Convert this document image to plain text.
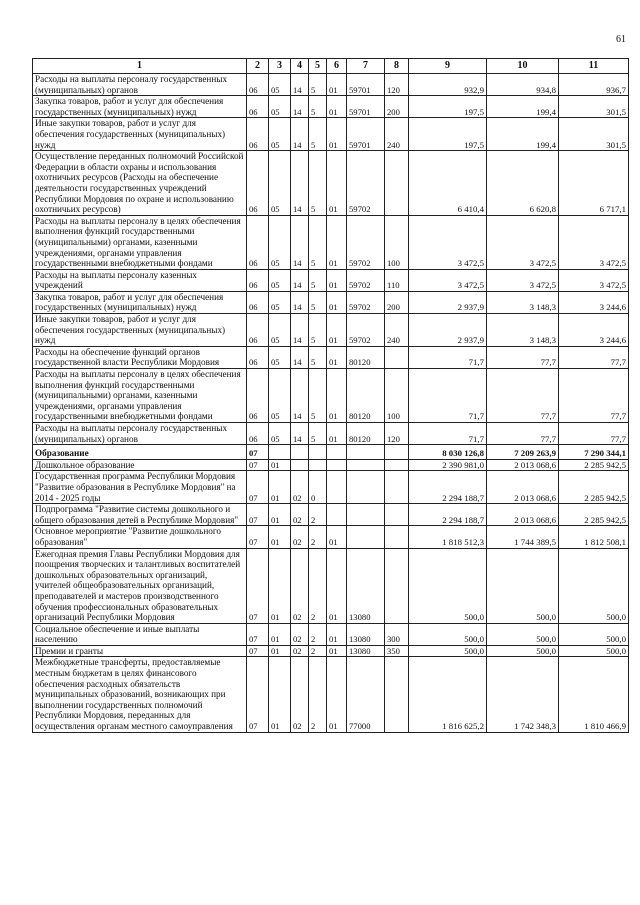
61
1	2	3	4	5	6	7	8	9	10	11
Расходы на выплаты персоналу государственных (муниципальных) органов	06	05	14	5	01	59701	120	932,9	934,8	936,7
Закупка товаров, работ и услуг для обеспечения государственных (муниципальных) нужд	06	05	14	5	01	59701	200	197,5	199,4	301,5
Иные закупки товаров, работ и услуг для обеспечения государственных (муниципальных) нужд	06	05	14	5	01	59701	240	197,5	199,4	301,5
Осуществление переданных полномочий Российской Федерации в области охраны и использования охотничьих ресурсов (Расходы на обеспечение деятельности государственных учреждений Республики Мордовия по охране и использованию охотничьих ресурсов)	06	05	14	5	01	59702		6 410,4	6 620,8	6 717,1
Расходы на выплаты персоналу в целях обеспечения выполнения функций государственными (муниципальными) органами, казенными учреждениями, органами управления государственными внебюджетными фондами	06	05	14	5	01	59702	100	3 472,5	3 472,5	3 472,5
Расходы на выплаты персоналу казенных учреждений	06	05	14	5	01	59702	110	3 472,5	3 472,5	3 472,5
Закупка товаров, работ и услуг для обеспечения государственных (муниципальных) нужд	06	05	14	5	01	59702	200	2 937,9	3 148,3	3 244,6
Иные закупки товаров, работ и услуг для обеспечения государственных (муниципальных) нужд	06	05	14	5	01	59702	240	2 937,9	3 148,3	3 244,6
Расходы на обеспечение функций органов государственной власти Республики Мордовия	06	05	14	5	01	80120		71,7	77,7	77,7
Расходы на выплаты персоналу в целях обеспечения выполнения функций государственными (муниципальными) органами, казенными учреждениями, органами управления государственными внебюджетными фондами	06	05	14	5	01	80120	100	71,7	77,7	77,7
Расходы на выплаты персоналу государственных (муниципальных) органов	06	05	14	5	01	80120	120	71,7	77,7	77,7
Образование	07							8 030 126,8	7 209 263,9	7 290 344,1
Дошкольное образование	07	01						2 390 981,0	2 013 068,6	2 285 942,5
Государственная программа Республики Мордовия "Развитие образования в Республике Мордовия" на 2014 - 2025 годы	07	01	02	0				2 294 188,7	2 013 068,6	2 285 942,5
Подпрограмма "Развитие системы дошкольного и общего образования детей в Республике Мордовия"	07	01	02	2				2 294 188,7	2 013 068,6	2 285 942,5
Основное мероприятие "Развитие дошкольного образования"	07	01	02	2	01			1 818 512,3	1 744 389,5	1 812 508,1
Ежегодная премия Главы Республики Мордовия для поощрения творческих и талантливых воспитателей дошкольных образовательных организаций, учителей общеобразовательных организаций, преподавателей и мастеров производственного обучения профессиональных образовательных организаций Республики Мордовия	07	01	02	2	01	13080		500,0	500,0	500,0
Социальное обеспечение и иные выплаты населению	07	01	02	2	01	13080	300	500,0	500,0	500,0
Премии и гранты	07	01	02	2	01	13080	350	500,0	500,0	500,0
Межбюджетные трансферты, предоставляемые местным бюджетам в целях финансового обеспечения расходных обязательств муниципальных образований, возникающих при выполнении государственных полномочий Республики Мордовия, переданных для осуществления органам местного самоуправления	07	01	02	2	01	77000		1 816 625,2	1 742 348,3	1 810 466,9
